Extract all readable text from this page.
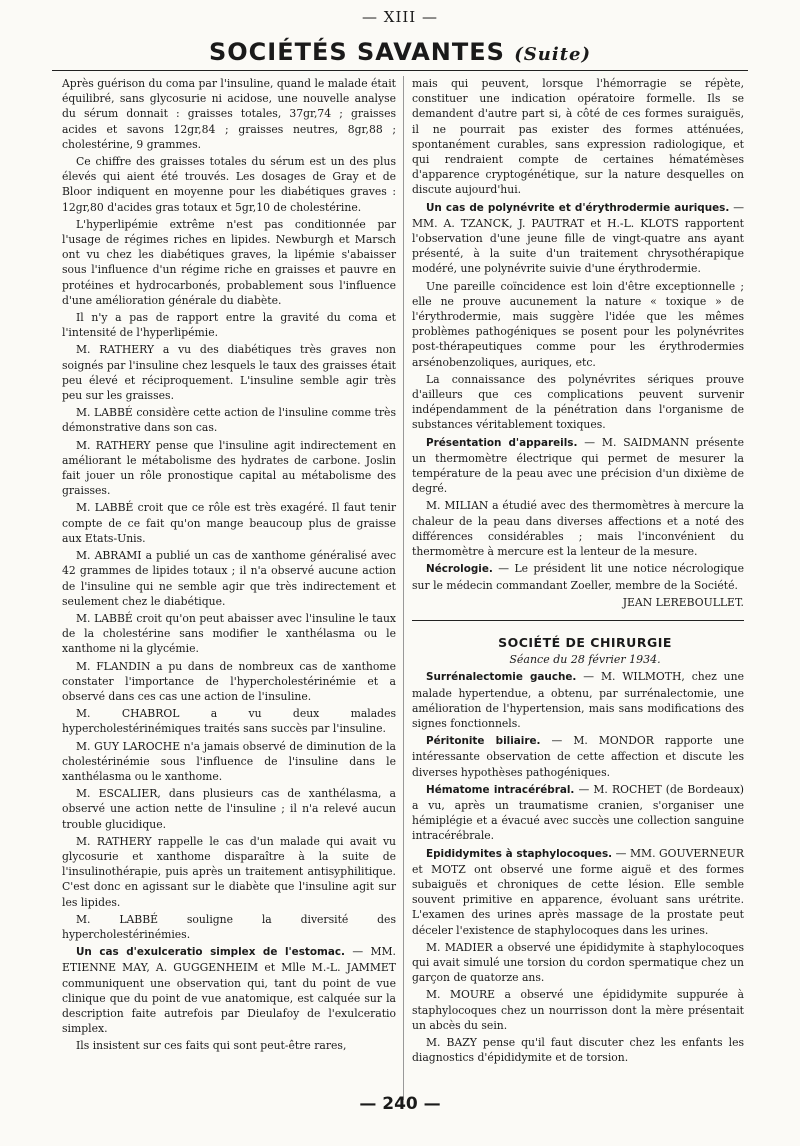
— XIII —
SOCIÉTÉS SAVANTES (Suite)

Après guérison du coma par l'insuline, quand le malade était équilibré, sans glycosurie ni acidose, une nouvelle analyse du sérum donnait : graisses totales, 37gr,74 ; graisses acides et savons 12gr,84 ; graisses neutres, 8gr,88 ; cholestérine, 9 grammes.

Ce chiffre des graisses totales du sérum est un des plus élevés qui aient été trouvés. Les dosages de Gray et de Bloor indiquent en moyenne pour les diabétiques graves : 12gr,80 d'acides gras totaux et 5gr,10 de cholestérine.

L'hyperlipémie extrême n'est pas conditionnée par l'usage de régimes riches en lipides. Newburgh et Marsch ont vu chez les diabétiques graves, la lipémie s'abaisser sous l'influence d'un régime riche en graisses et pauvre en protéines et hydrocarbonés, probablement sous l'influence d'une amélioration générale du diabète.

Il n'y a pas de rapport entre la gravité du coma et l'intensité de l'hyperlipémie.

M. RATHERY a vu des diabétiques très graves non soignés par l'insuline chez lesquels le taux des graisses était peu élevé et réciproquement. L'insuline semble agir très peu sur les graisses.

M. LABBÉ considère cette action de l'insuline comme très démonstrative dans son cas.

M. RATHERY pense que l'insuline agit indirectement en améliorant le métabolisme des hydrates de carbone. Joslin fait jouer un rôle pronostique capital au métabolisme des graisses.

M. LABBÉ croit que ce rôle est très exagéré. Il faut tenir compte de ce fait qu'on mange beaucoup plus de graisse aux Etats-Unis.

M. ABRAMI a publié un cas de xanthome généralisé avec 42 grammes de lipides totaux ; il n'a observé aucune action de l'insuline qui ne semble agir que très indirectement et seulement chez le diabétique.

M. LABBÉ croit qu'on peut abaisser avec l'insuline le taux de la cholestérine sans modifier le xanthélasma ou le xanthome ni la glycémie.

M. FLANDIN a pu dans de nombreux cas de xanthome constater l'importance de l'hypercholestérinémie et a observé dans ces cas une action de l'insuline.

M. CHABROL a vu deux malades hypercholestérinémiques traités sans succès par l'insuline.

M. GUY LAROCHE n'a jamais observé de diminution de la cholestérinémie sous l'influence de l'insuline dans le xanthélasma ou le xanthome.

M. ESCALIER, dans plusieurs cas de xanthélasma, a observé une action nette de l'insuline ; il n'a relevé aucun trouble glucidique.

M. RATHERY rappelle le cas d'un malade qui avait vu glycosurie et xanthome disparaître à la suite de l'insulinothérapie, puis après un traitement antisyphilitique. C'est donc en agissant sur le diabète que l'insuline agit sur les lipides.

M. LABBÉ souligne la diversité des hypercholestérinémies.

Un cas d'exulceratio simplex de l'estomac. — MM. ETIENNE MAY, A. GUGGENHEIM et Mlle M.-L. JAMMET communiquent une observation qui, tant du point de vue clinique que du point de vue anatomique, est calquée sur la description faite autrefois par Dieulafoy de l'exulceratio simplex.

Ils insistent sur ces faits qui sont peut-être rares,

mais qui peuvent, lorsque l'hémorragie se répète, constituer une indication opératoire formelle. Ils se demandent d'autre part si, à côté de ces formes suraiguës, il ne pourrait pas exister des formes atténuées, spontanément curables, sans expression radiologique, et qui rendraient compte de certaines hématémèses d'apparence cryptogénétique, sur la nature desquelles on discute aujourd'hui.

Un cas de polynévrite et d'érythrodermie auriques. — MM. A. TZANCK, J. PAUTRAT et H.-L. KLOTS rapportent l'observation d'une jeune fille de vingt-quatre ans ayant présenté, à la suite d'un traitement chrysothérapique modéré, une polynévrite suivie d'une érythrodermie.

Une pareille coïncidence est loin d'être exceptionnelle ; elle ne prouve aucunement la nature « toxique » de l'érythrodermie, mais suggère l'idée que les mêmes problèmes pathogéniques se posent pour les polynévrites post-thérapeutiques comme pour les érythrodermies arsénobenzoliques, auriques, etc.

La connaissance des polynévrites sériques prouve d'ailleurs que ces complications peuvent survenir indépendamment de la pénétration dans l'organisme de substances véritablement toxiques.

Présentation d'appareils. — M. SAIDMANN présente un thermomètre électrique qui permet de mesurer la température de la peau avec une précision d'un dixième de degré.

M. MILIAN a étudié avec des thermomètres à mercure la chaleur de la peau dans diverses affections et a noté des différences considérables ; mais l'inconvénient du thermomètre à mercure est la lenteur de la mesure.

Nécrologie. — Le président lit une notice nécrologique sur le médecin commandant Zoeller, membre de la Société.

JEAN LEREBOULLET.

SOCIÉTÉ DE CHIRURGIE

Séance du 28 février 1934.

Surrénalectomie gauche. — M. WILMOTH, chez une malade hypertendue, a obtenu, par surrénalectomie, une amélioration de l'hypertension, mais sans modifications des signes fonctionnels.

Péritonite biliaire. — M. MONDOR rapporte une intéressante observation de cette affection et discute les diverses hypothèses pathogéniques.

Hématome intracérébral. — M. ROCHET (de Bordeaux) a vu, après un traumatisme cranien, s'organiser une hémiplégie et a évacué avec succès une collection sanguine intracérébrale.

Epididymites à staphylocoques. — MM. GOUVERNEUR et MOTZ ont observé une forme aiguë et des formes subaiguës et chroniques de cette lésion. Elle semble souvent primitive en apparence, évoluant sans urétrite. L'examen des urines après massage de la prostate peut déceler l'existence de staphylocoques dans les urines.

M. MADIER a observé une épididymite à staphylocoques qui avait simulé une torsion du cordon spermatique chez un garçon de quatorze ans.

M. MOURE a observé une épididymite suppurée à staphylocoques chez un nourrisson dont la mère présentait un abcès du sein.

M. BAZY pense qu'il faut discuter chez les enfants les diagnostics d'épididymite et de torsion.

— 240 —
